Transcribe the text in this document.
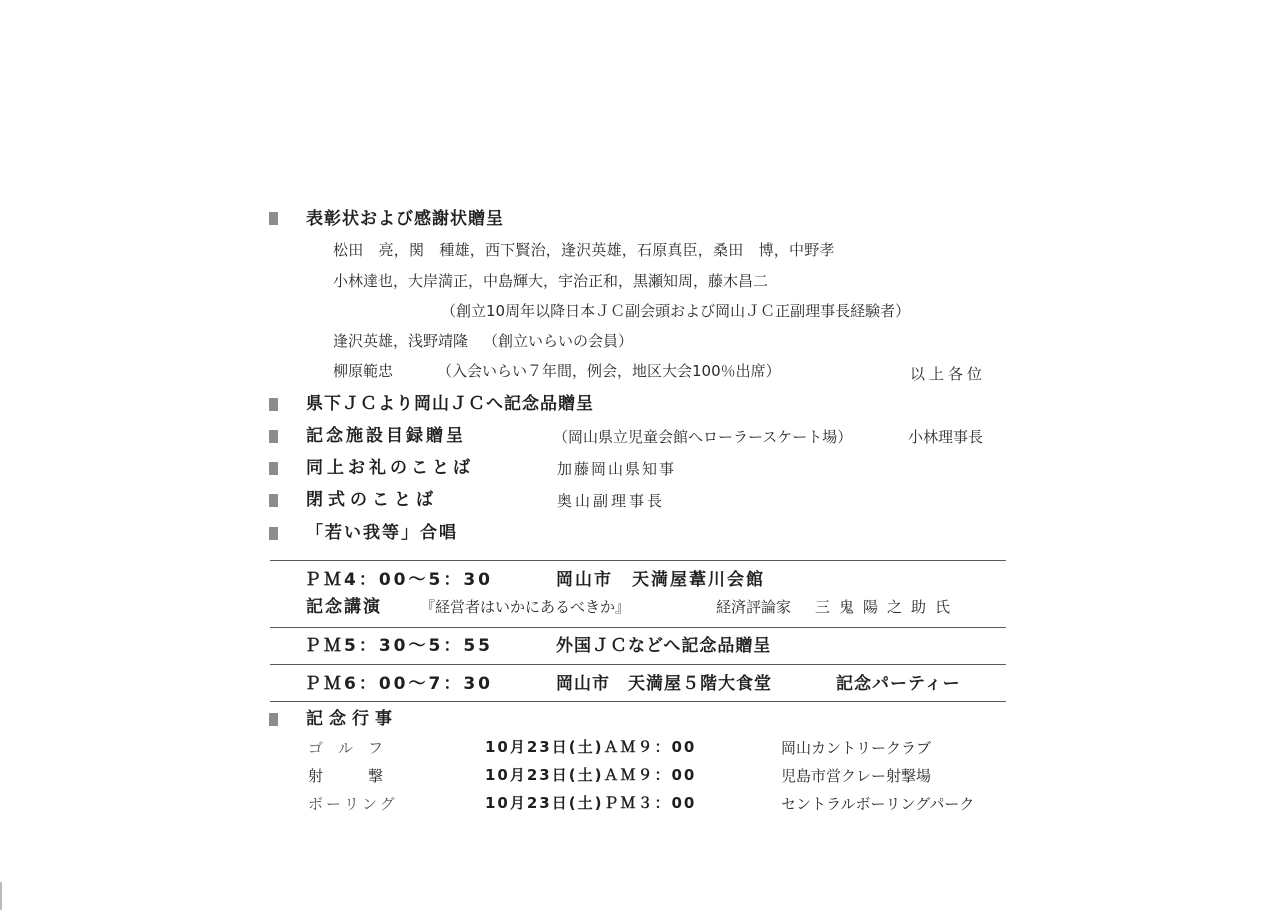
表彰状および感謝状贈呈
松田　亮，関　種雄，西下賢治，逢沢英雄，石原真臣，桑田　博，中野孝
小林達也，大岸満正，中島輝大，宇治正和，黒瀬知周，藤木昌二
（創立10周年以降日本ＪＣ副会頭および岡山ＪＣ正副理事長経験者）
逢沢英雄，浅野靖隆 （創立いらいの会員）
柳原範忠	（入会いらい７年間，例会，地区大会100％出席）	以上各位
県下ＪＣより岡山ＪＣへ記念品贈呈
記念施設目録贈呈	（岡山県立児童会館へローラースケート場）	小林理事長
同上お礼のことば	加藤岡山県知事
閉式のことば	奥山副理事長
「若い我等」合唱
ＰＭ4：00～5：30	岡山市　天満屋葦川会館
記念講演	『経営者はいかにあるべきか』	経済評論家 三鬼陽之助氏
ＰＭ5：30～5：55	外国ＪＣなどへ記念品贈呈
ＰＭ6：00～7：30	岡山市　天満屋５階大食堂	記念パーティー
記念行事
ゴ　ル　フ	10月23日(土)ＡＭ９：00	岡山カントリークラブ
射　　　撃	10月23日(土)ＡＭ９：00	児島市営クレー射撃場
ボーリング	10月23日(土)ＰＭ３：00	セントラルボーリングパーク
